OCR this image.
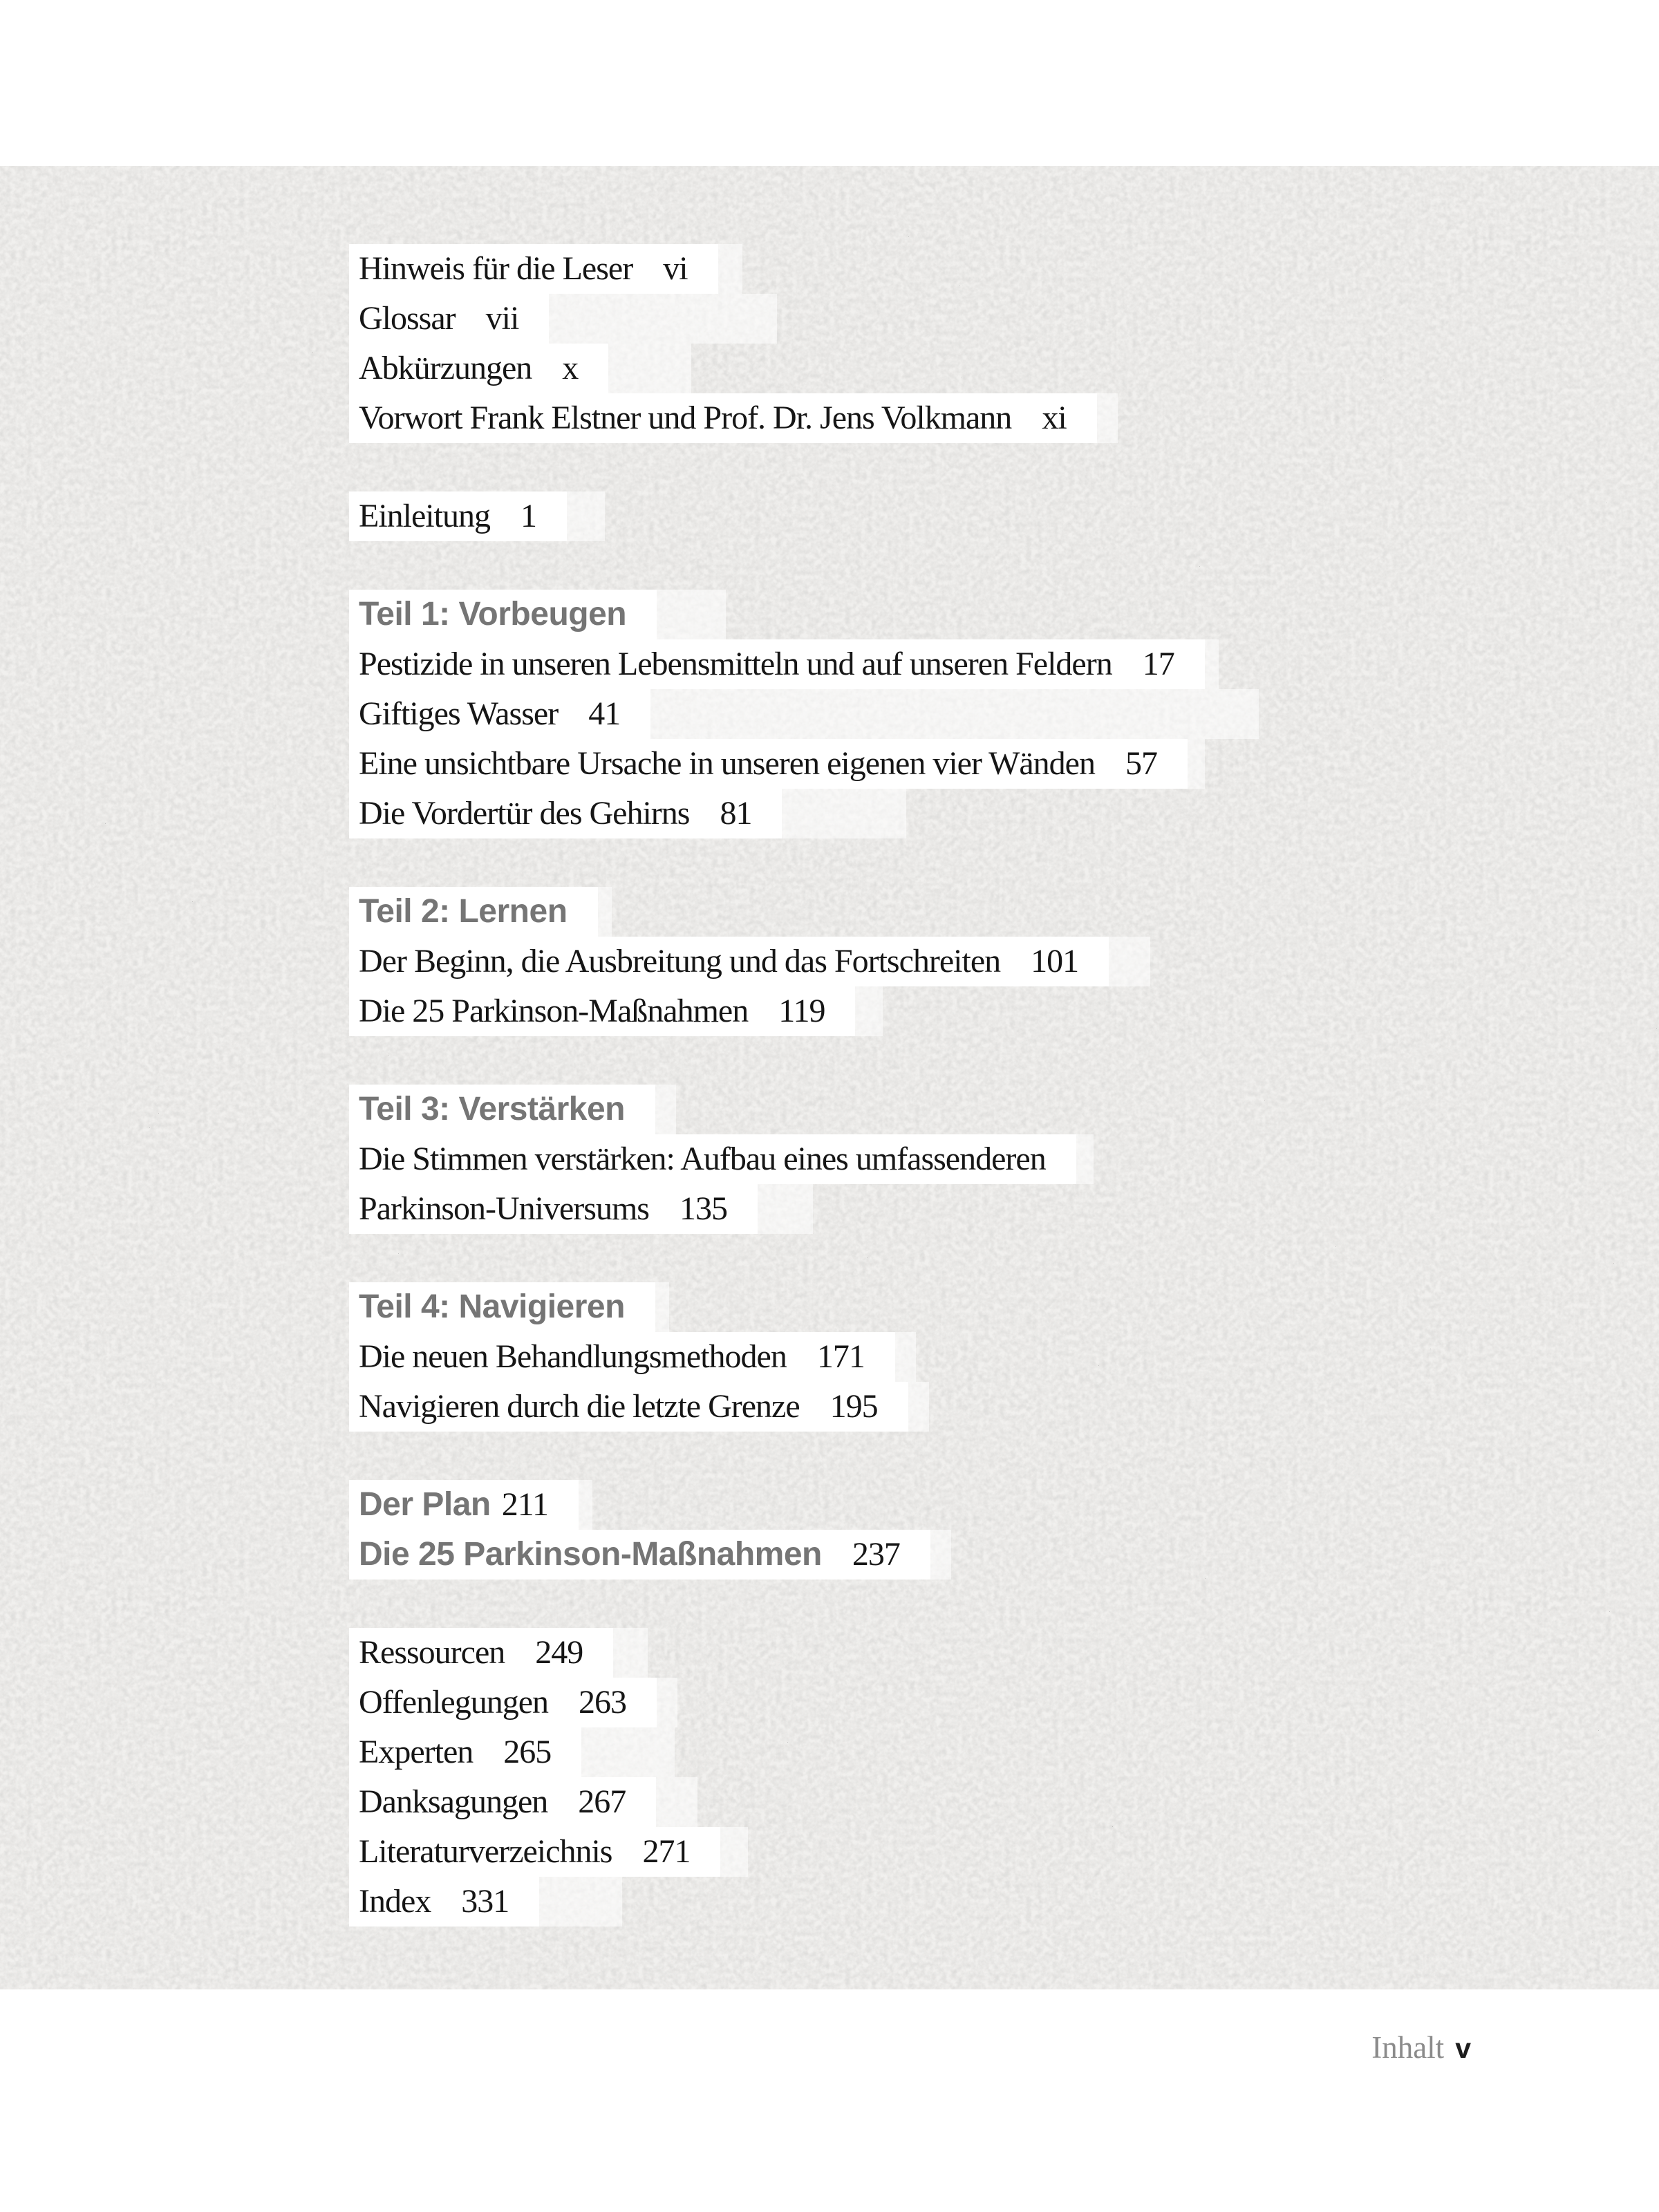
Hinweis für die Leser vi
Glossar vii
Abkürzungen x
Vorwort Frank Elstner und Prof. Dr. Jens Volkmann xi
Einleitung 1
Teil 1: Vorbeugen
Pestizide in unseren Lebensmitteln und auf unseren Feldern 17
Giftiges Wasser 41
Eine unsichtbare Ursache in unseren eigenen vier Wänden 57
Die Vordertür des Gehirns 81
Teil 2: Lernen
Der Beginn, die Ausbreitung und das Fortschreiten 101
Die 25 Parkinson-Maßnahmen 119
Teil 3: Verstärken
Die Stimmen verstärken: Aufbau eines umfassenderen
Parkinson-Universums 135
Teil 4: Navigieren
Die neuen Behandlungsmethoden 171
Navigieren durch die letzte Grenze 195
Der Plan 211
Die 25 Parkinson-Maßnahmen 237
Ressourcen 249
Offenlegungen 263
Experten 265
Danksagungen 267
Literaturverzeichnis 271
Index 331
Inhalt v
